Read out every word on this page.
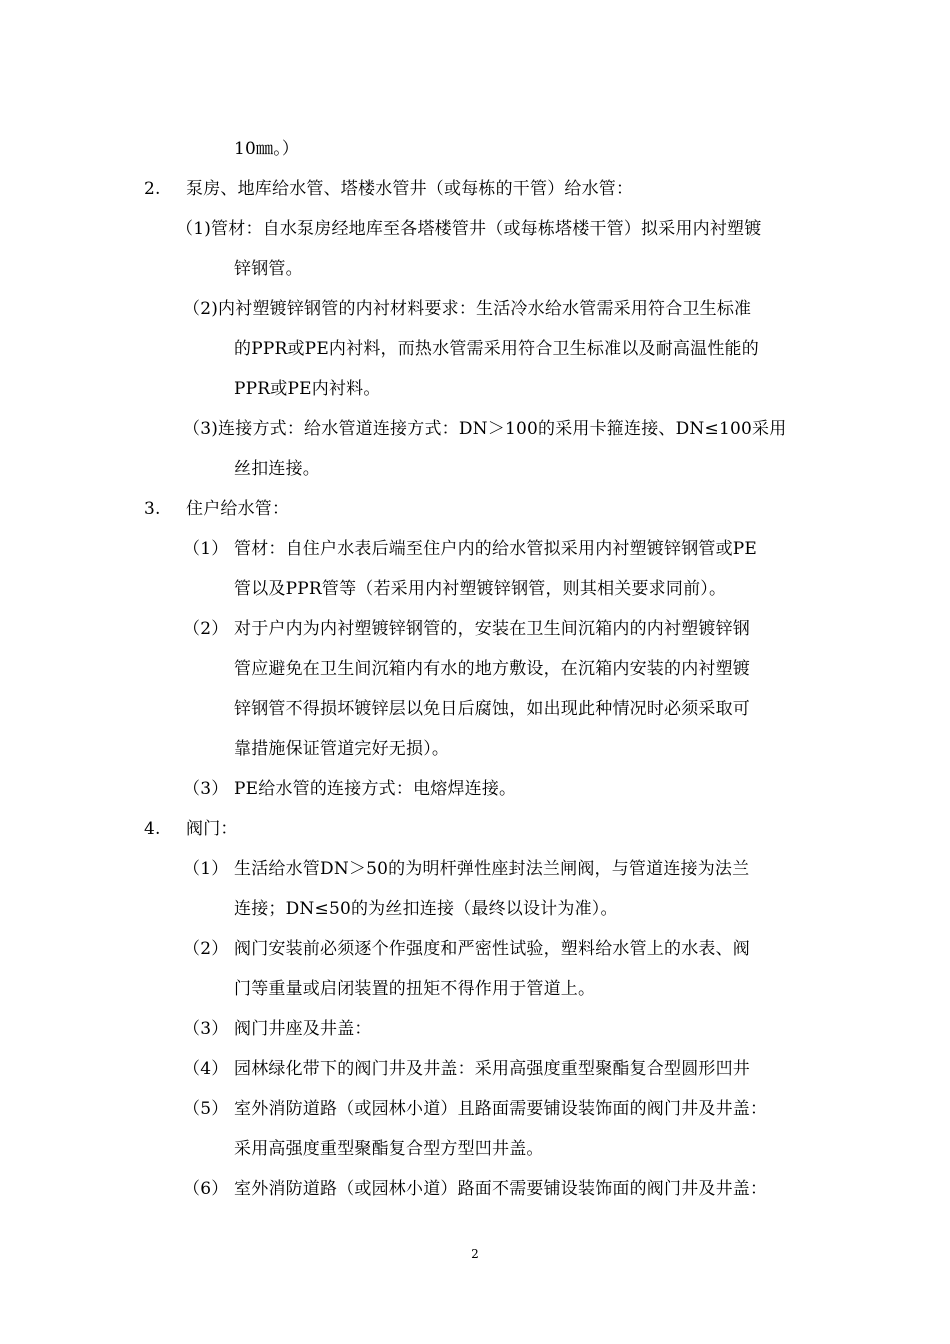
10㎜。）
2. 泵房、地库给水管、塔楼水管井（或每栋的干管）给水管：
（1)管材：自水泵房经地库至各塔楼管井（或每栋塔楼干管）拟采用内衬塑镀
锌钢管。
（2)内衬塑镀锌钢管的内衬材料要求：生活冷水给水管需采用符合卫生标准
的PPR或PE内衬料，而热水管需采用符合卫生标准以及耐高温性能的
PPR或PE内衬料。
（3)连接方式：给水管道连接方式：DN＞100的采用卡箍连接、DN≤100采用
丝扣连接。
3. 住户给水管：
（1） 管材：自住户水表后端至住户内的给水管拟采用内衬塑镀锌钢管或PE
管以及PPR管等（若采用内衬塑镀锌钢管，则其相关要求同前）。
（2） 对于户内为内衬塑镀锌钢管的，安装在卫生间沉箱内的内衬塑镀锌钢
管应避免在卫生间沉箱内有水的地方敷设，在沉箱内安装的内衬塑镀
锌钢管不得损坏镀锌层以免日后腐蚀，如出现此种情况时必须采取可
靠措施保证管道完好无损）。
（3） PE给水管的连接方式：电熔焊连接。
4. 阀门：
（1） 生活给水管DN＞50的为明杆弹性座封法兰闸阀，与管道连接为法兰
连接；DN≤50的为丝扣连接（最终以设计为准）。
（2） 阀门安装前必须逐个作强度和严密性试验，塑料给水管上的水表、阀
门等重量或启闭装置的扭矩不得作用于管道上。
（3） 阀门井座及井盖：
（4） 园林绿化带下的阀门井及井盖：采用高强度重型聚酯复合型圆形凹井
（5） 室外消防道路（或园林小道）且路面需要铺设装饰面的阀门井及井盖：
采用高强度重型聚酯复合型方型凹井盖。
（6） 室外消防道路（或园林小道）路面不需要铺设装饰面的阀门井及井盖：
2
